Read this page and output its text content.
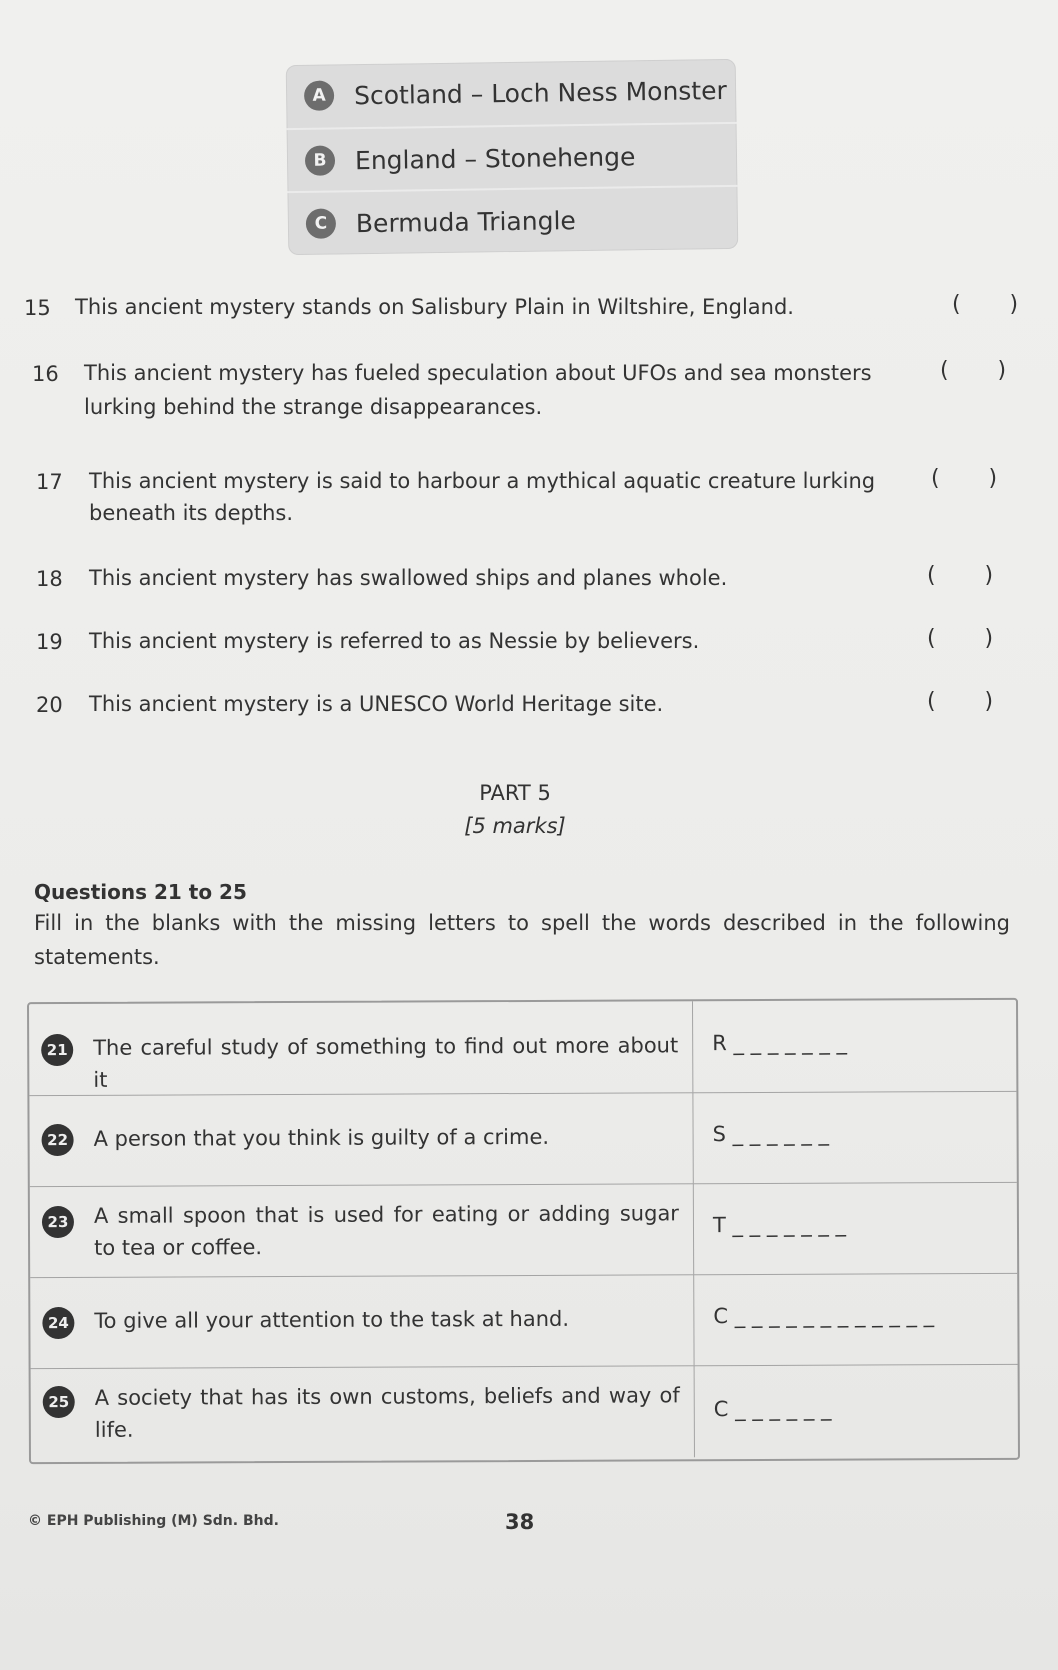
A	Scotland – Loch Ness Monster
B	England – Stonehenge
C	Bermuda Triangle
15	This ancient mystery stands on Salisbury Plain in Wiltshire, England.	(       )
16	This ancient mystery has fueled speculation about UFOs and sea monsters
lurking behind the strange disappearances.
(       )
17	This ancient mystery is said to harbour a mythical aquatic creature lurking
beneath its depths.
(       )
18	This ancient mystery has swallowed ships and planes whole.	(       )
19	This ancient mystery is referred to as Nessie by believers.	(       )
20	This ancient mystery is a UNESCO World Heritage site.	(       )
PART 5
[5 marks]
Questions 21 to 25
Fill in the blanks with the missing letters to spell the words described in the following statements.
21 The careful study of something to find out more about it
R _ _ _ _ _ _ _
22 A person that you think is guilty of a crime.	S _ _ _ _ _ _
23 A small spoon that is used for eating or adding sugar to tea or coffee.
T _ _ _ _ _ _ _
24 To give all your attention to the task at hand.	C _ _ _ _ _ _ _ _ _ _ _ _
25 A society that has its own customs, beliefs and way of life.
C _ _ _ _ _ _
© EPH Publishing (M) Sdn. Bhd.	38
